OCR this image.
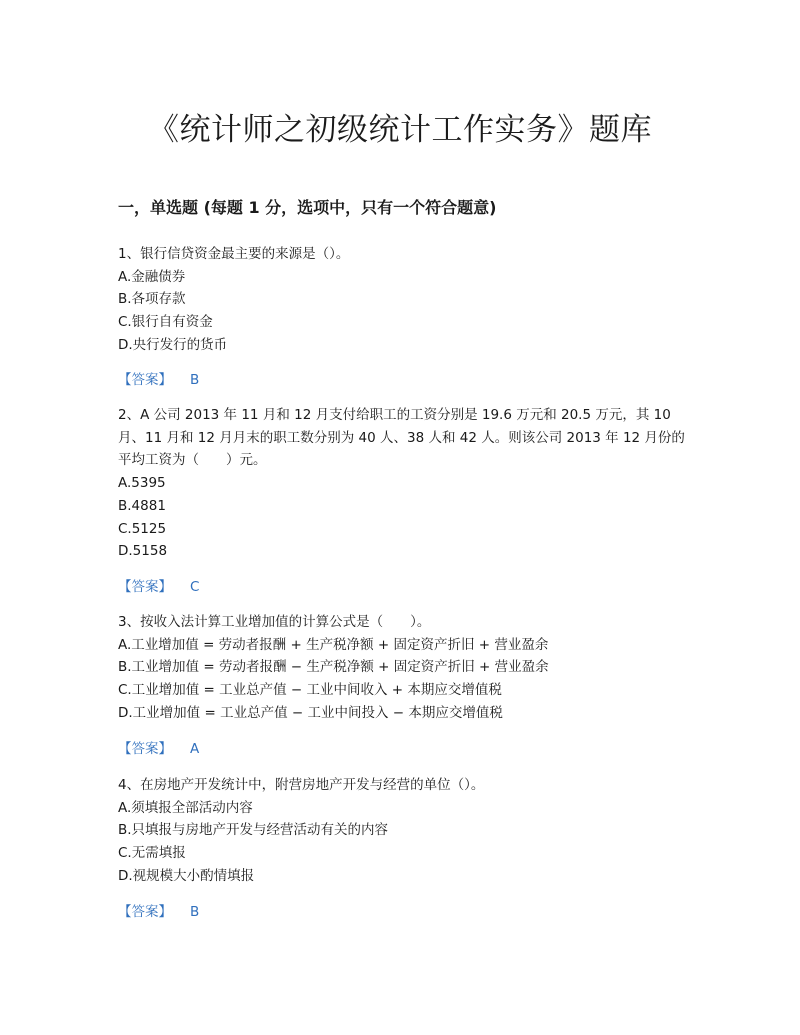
《统计师之初级统计工作实务》题库
一，单选题 (每题 1 分，选项中，只有一个符合题意)
1、银行信贷资金最主要的来源是（）。
A.金融债券
B.各项存款
C.银行自有资金
D.央行发行的货币
【答案】 B
2、A 公司 2013 年 11 月和 12 月支付给职工的工资分别是 19.6 万元和 20.5 万元，其 10 月、11 月和 12 月月末的职工数分别为 40 人、38 人和 42 人。则该公司 2013 年 12 月份的平均工资为（　　）元。
A.5395
B.4881
C.5125
D.5158
【答案】 C
3、按收入法计算工业增加值的计算公式是（　　）。
A.工业增加值 = 劳动者报酬 + 生产税净额 + 固定资产折旧 + 营业盈余
B.工业增加值 = 劳动者报酬 − 生产税净额 + 固定资产折旧 + 营业盈余
C.工业增加值 = 工业总产值 − 工业中间收入 + 本期应交增值税
D.工业增加值 = 工业总产值 − 工业中间投入 − 本期应交增值税
【答案】 A
4、在房地产开发统计中，附营房地产开发与经营的单位（）。
A.须填报全部活动内容
B.只填报与房地产开发与经营活动有关的内容
C.无需填报
D.视规模大小酌情填报
【答案】 B
